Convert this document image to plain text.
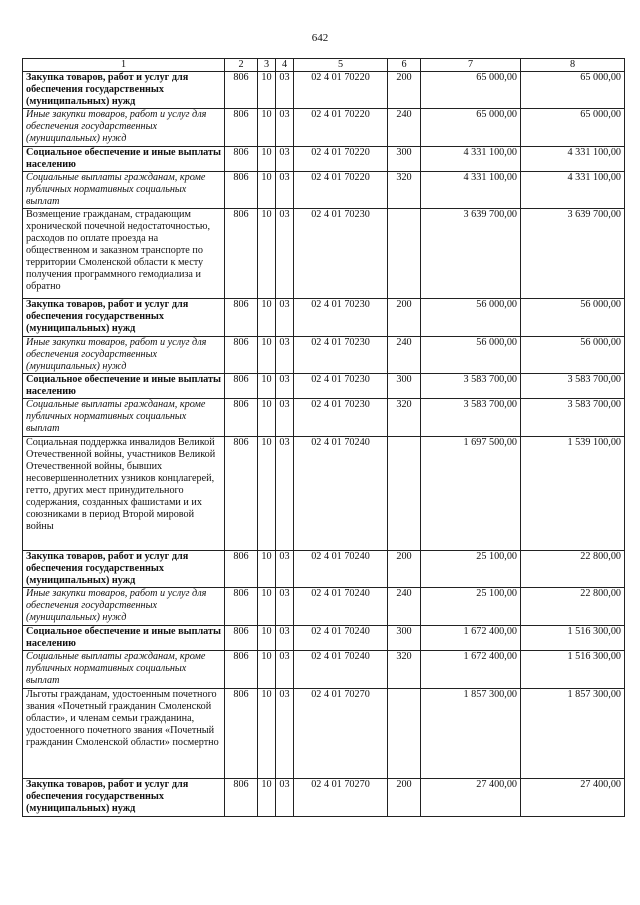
642
1	2	3	4	5	6	7	8
Закупка товаров, работ и услуг для обеспечения государственных (муниципальных) нужд	806	10	03	02 4 01 70220	200	65 000,00	65 000,00
Иные закупки товаров, работ и услуг для обеспечения государственных (муниципальных) нужд	806	10	03	02 4 01 70220	240	65 000,00	65 000,00
Социальное обеспечение и иные выплаты населению	806	10	03	02 4 01 70220	300	4 331 100,00	4 331 100,00
Социальные выплаты гражданам, кроме публичных нормативных социальных выплат	806	10	03	02 4 01 70220	320	4 331 100,00	4 331 100,00
Возмещение гражданам, страдающим хронической почечной недостаточностью, расходов по оплате проезда на общественном и заказном транспорте по территории Смоленской области к месту получения программного гемодиализа и обратно	806	10	03	02 4 01 70230		3 639 700,00	3 639 700,00
Закупка товаров, работ и услуг для обеспечения государственных (муниципальных) нужд	806	10	03	02 4 01 70230	200	56 000,00	56 000,00
Иные закупки товаров, работ и услуг для обеспечения государственных (муниципальных) нужд	806	10	03	02 4 01 70230	240	56 000,00	56 000,00
Социальное обеспечение и иные выплаты населению	806	10	03	02 4 01 70230	300	3 583 700,00	3 583 700,00
Социальные выплаты гражданам, кроме публичных нормативных социальных выплат	806	10	03	02 4 01 70230	320	3 583 700,00	3 583 700,00
Социальная поддержка инвалидов Великой Отечественной войны, участников Великой Отечественной войны, бывших несовершеннолетних узников концлагерей, гетто, других мест принудительного содержания, созданных фашистами и их союзниками в период Второй мировой войны	806	10	03	02 4 01 70240		1 697 500,00	1 539 100,00
Закупка товаров, работ и услуг для обеспечения государственных (муниципальных) нужд	806	10	03	02 4 01 70240	200	25 100,00	22 800,00
Иные закупки товаров, работ и услуг для обеспечения государственных (муниципальных) нужд	806	10	03	02 4 01 70240	240	25 100,00	22 800,00
Социальное обеспечение и иные выплаты населению	806	10	03	02 4 01 70240	300	1 672 400,00	1 516 300,00
Социальные выплаты гражданам, кроме публичных нормативных социальных выплат	806	10	03	02 4 01 70240	320	1 672 400,00	1 516 300,00
Льготы гражданам, удостоенным почетного звания «Почетный гражданин Смоленской области», и членам семьи гражданина, удостоенного почетного звания «Почетный гражданин Смоленской области» посмертно	806	10	03	02 4 01 70270		1 857 300,00	1 857 300,00
Закупка товаров, работ и услуг для обеспечения государственных (муниципальных) нужд	806	10	03	02 4 01 70270	200	27 400,00	27 400,00
